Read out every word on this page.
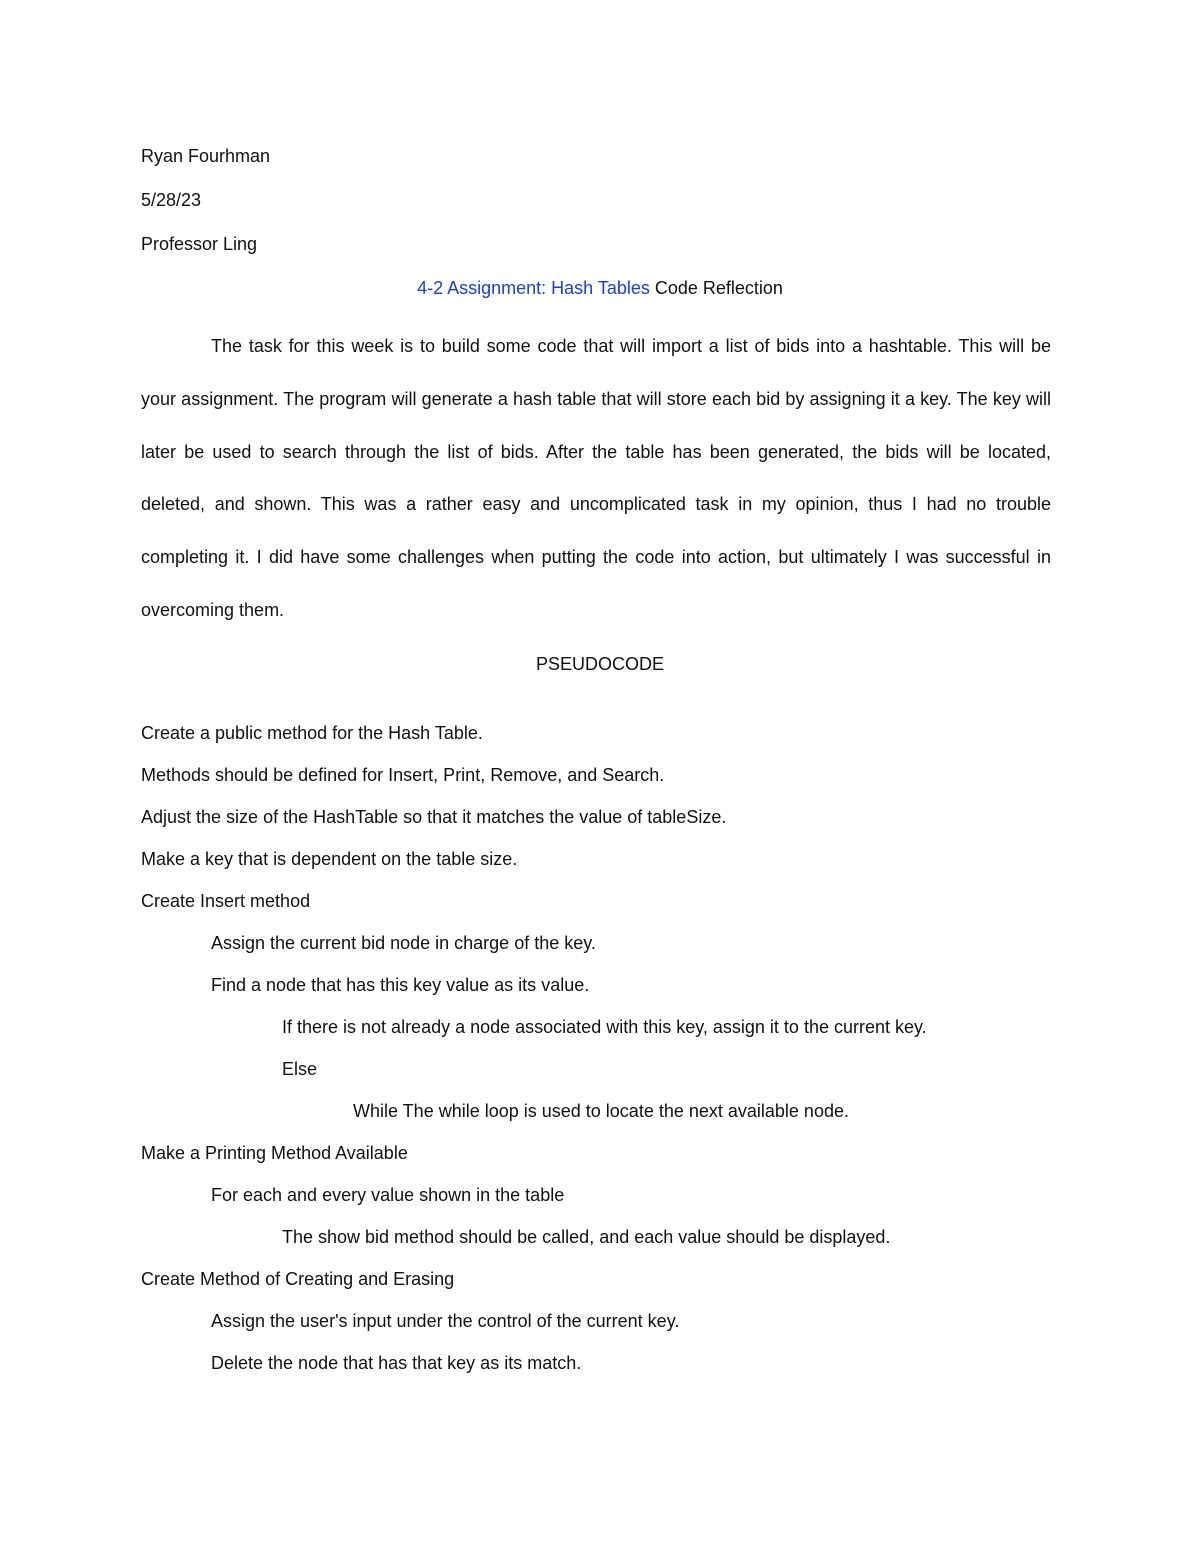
Ryan Fourhman
5/28/23
Professor Ling
4-2 Assignment: Hash Tables Code Reflection

The task for this week is to build some code that will import a list of bids into a hashtable. This will be your assignment. The program will generate a hash table that will store each bid by assigning it a key. The key will later be used to search through the list of bids. After the table has been generated, the bids will be located, deleted, and shown. This was a rather easy and uncomplicated task in my opinion, thus I had no trouble completing it. I did have some challenges when putting the code into action, but ultimately I was successful in overcoming them.

PSEUDOCODE
Create a public method for the Hash Table.
Methods should be defined for Insert, Print, Remove, and Search.
Adjust the size of the HashTable so that it matches the value of tableSize.
Make a key that is dependent on the table size.
Create Insert method
Assign the current bid node in charge of the key.
Find a node that has this key value as its value.
If there is not already a node associated with this key, assign it to the current key.
Else
While The while loop is used to locate the next available node.
Make a Printing Method Available
For each and every value shown in the table
The show bid method should be called, and each value should be displayed.
Create Method of Creating and Erasing
Assign the user's input under the control of the current key.
Delete the node that has that key as its match.
